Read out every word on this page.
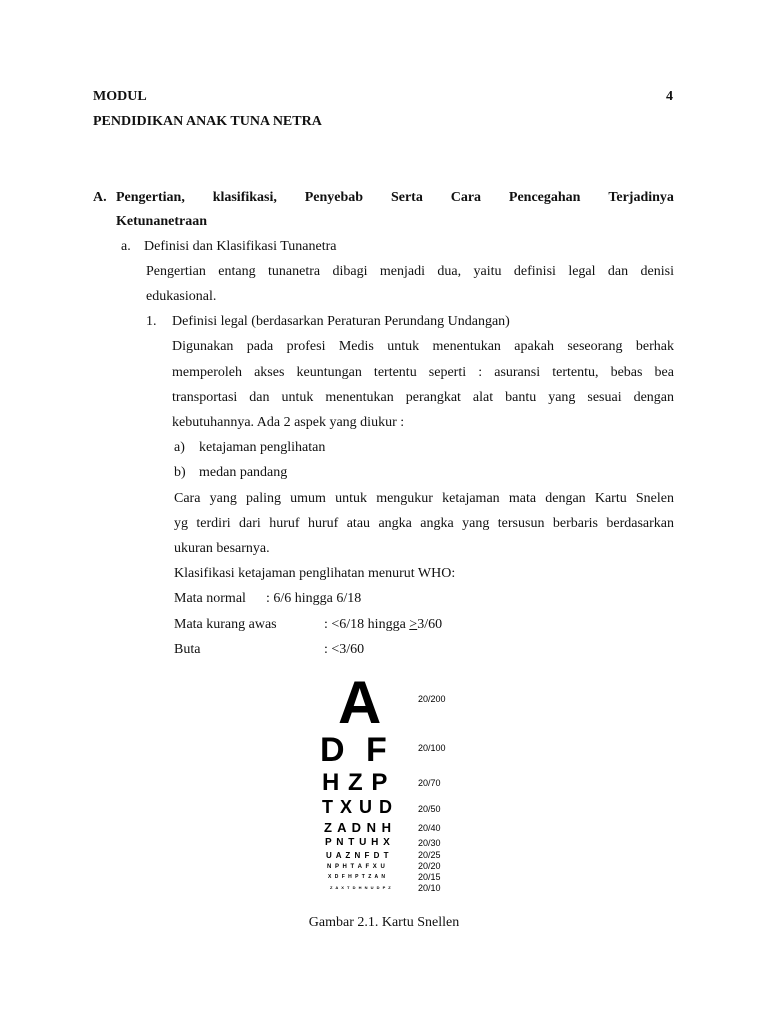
MODUL	4
PENDIDIKAN ANAK TUNA NETRA
A. Pengertian, klasifikasi, Penyebab Serta Cara Pencegahan Terjadinya
Ketunanetraan
a. Definisi dan Klasifikasi Tunanetra
Pengertian entang tunanetra dibagi menjadi dua, yaitu definisi legal dan denisi
edukasional.
1. Definisi legal (berdasarkan Peraturan Perundang Undangan)
Digunakan pada profesi Medis untuk menentukan apakah seseorang berhak
memperoleh akses keuntungan tertentu seperti : asuransi tertentu, bebas bea
transportasi dan untuk menentukan perangkat alat bantu yang sesuai dengan
kebutuhannya. Ada 2 aspek yang diukur :
a) ketajaman penglihatan
b) medan pandang
Cara yang paling umum untuk mengukur ketajaman mata dengan Kartu Snelen
yg terdiri dari huruf huruf atau angka angka yang tersusun berbaris berdasarkan
ukuran besarnya.
Klasifikasi ketajaman penglihatan menurut WHO:
Mata normal : 6/6 hingga 6/18
Mata kurang awas	: <6/18 hingga ≥3/60
Buta	: <3/60
A	20/200
D F	20/100
H Z P	20/70
T X U D	20/50
Z A D N H	20/40
P N T U H X	20/30
U A Z N F D T	20/25
N P H T A F X U	20/20
X D F H P T Z A N	20/15
Z A X T D H N U D P Z	20/10
Gambar 2.1. Kartu Snellen
